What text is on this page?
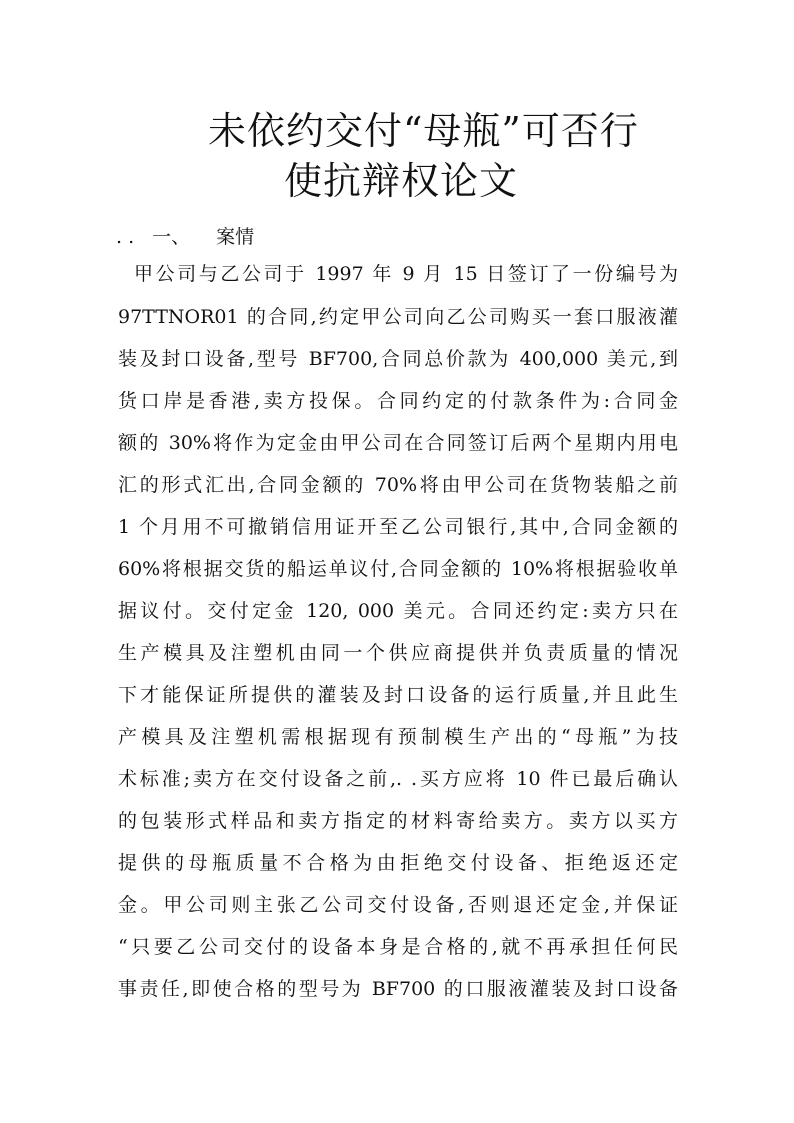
未依约交付“母瓶”可否行
使抗辩权论文
. . 一、 案情
甲公司与乙公司于 1997 年 9 月 15 日签订了一份编号为
97TTNOR01 的合同,约定甲公司向乙公司购买一套口服液灌
装及封口设备,型号 BF700,合同总价款为 400,000 美元,到
货口岸是香港,卖方投保。合同约定的付款条件为:合同金
额的 30%将作为定金由甲公司在合同签订后两个星期内用电
汇的形式汇出,合同金额的 70%将由甲公司在货物装船之前
1 个月用不可撤销信用证开至乙公司银行,其中,合同金额的
60%将根据交货的船运单议付,合同金额的 10%将根据验收单
据议付。交付定金 120, 000 美元。合同还约定:卖方只在
生产模具及注塑机由同一个供应商提供并负责质量的情况
下才能保证所提供的灌装及封口设备的运行质量,并且此生
产模具及注塑机需根据现有预制模生产出的“母瓶”为技
术标准;卖方在交付设备之前,. .买方应将 10 件已最后确认
的包装形式样品和卖方指定的材料寄给卖方。卖方以买方
提供的母瓶质量不合格为由拒绝交付设备、拒绝返还定
金。甲公司则主张乙公司交付设备,否则退还定金,并保证
“只要乙公司交付的设备本身是合格的,就不再承担任何民
事责任,即使合格的型号为 BF700 的口服液灌装及封口设备
